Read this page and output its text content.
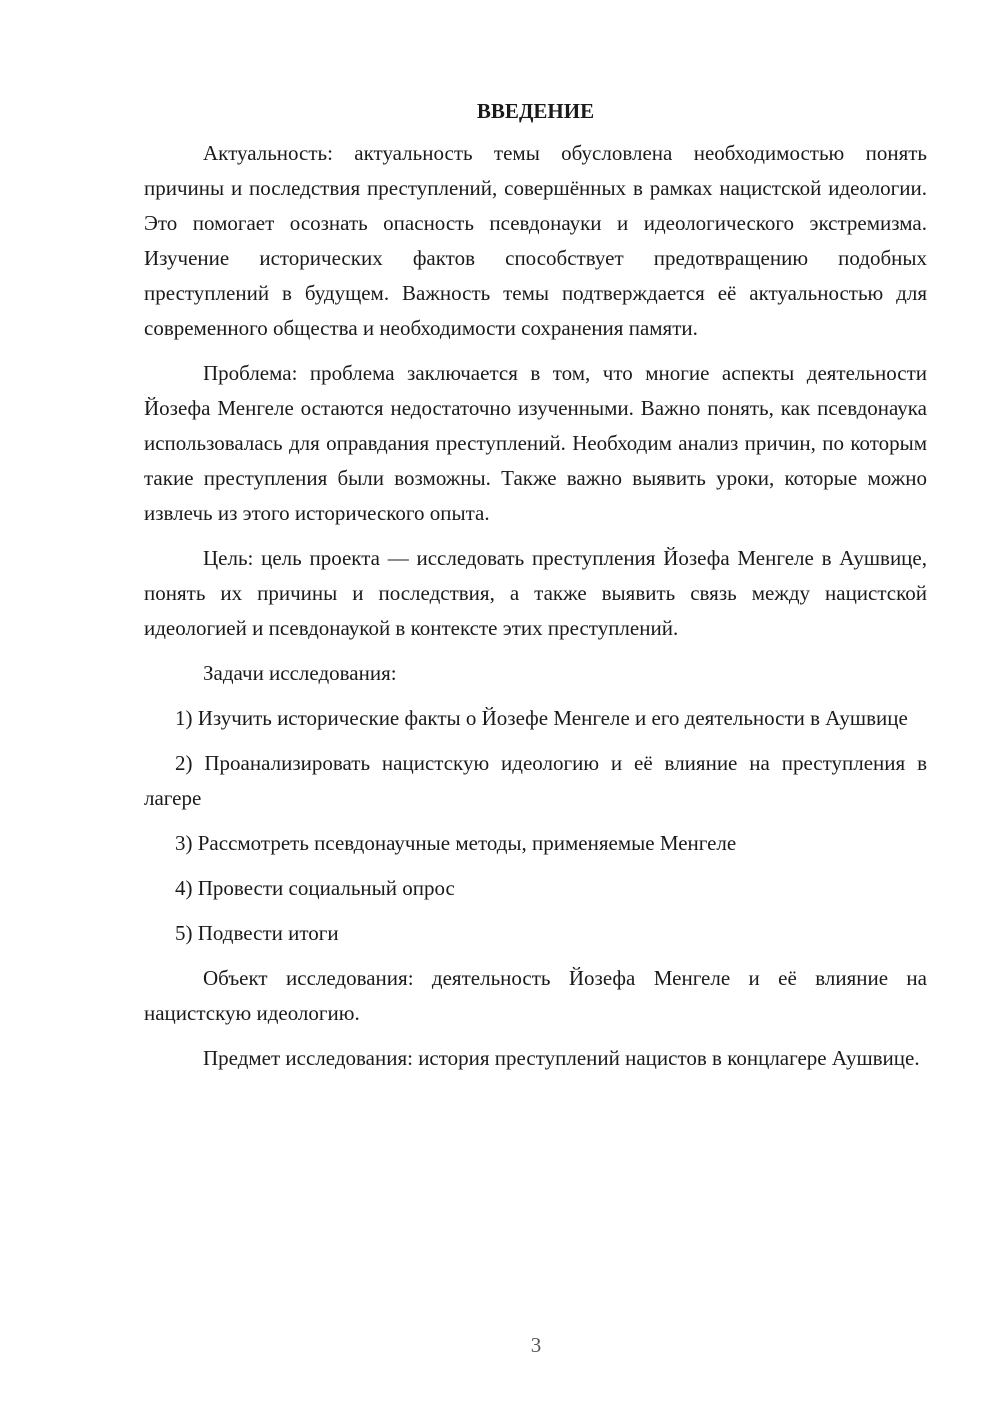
ВВЕДЕНИЕ

Актуальность: актуальность темы обусловлена необходимостью понять причины и последствия преступлений, совершённых в рамках нацистской идеологии. Это помогает осознать опасность псевдонауки и идеологического экстремизма. Изучение исторических фактов способствует предотвращению подобных преступлений в будущем. Важность темы подтверждается её актуальностью для современного общества и необходимости сохранения памяти.

Проблема: проблема заключается в том, что многие аспекты деятельности Йозефа Менгеле остаются недостаточно изученными. Важно понять, как псевдонаука использовалась для оправдания преступлений. Необходим анализ причин, по которым такие преступления были возможны. Также важно выявить уроки, которые можно извлечь из этого исторического опыта.

Цель: цель проекта — исследовать преступления Йозефа Менгеле в Аушвице, понять их причины и последствия, а также выявить связь между нацистской идеологией и псевдонаукой в контексте этих преступлений.

Задачи исследования:

1) Изучить исторические факты о Йозефе Менгеле и его деятельности в Аушвице

2) Проанализировать нацистскую идеологию и её влияние на преступления в лагере

3) Рассмотреть псевдонаучные методы, применяемые Менгеле

4) Провести социальный опрос

5) Подвести итоги

Объект исследования: деятельность Йозефа Менгеле и её влияние на нацистскую идеологию.

Предмет исследования: история преступлений нацистов в концлагере Аушвице.

3
